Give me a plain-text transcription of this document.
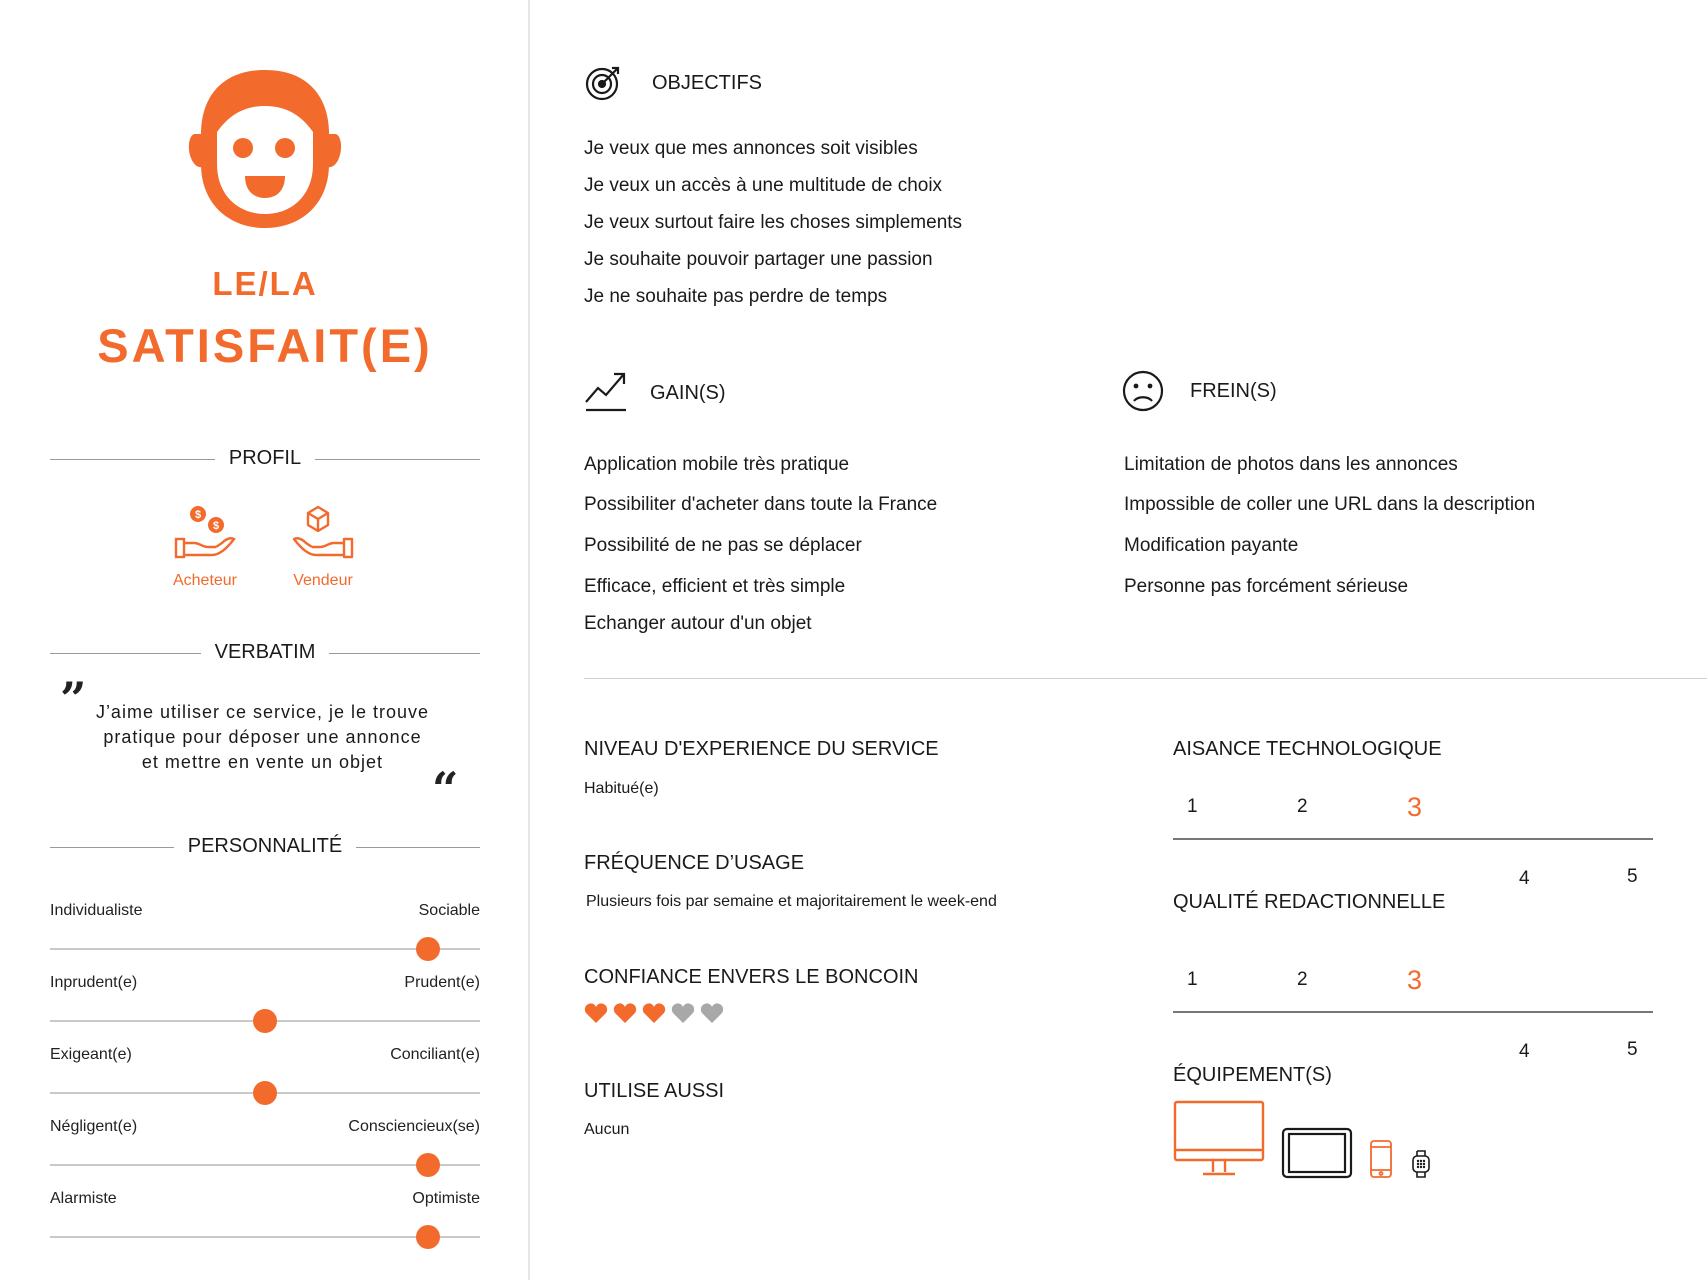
LE/LA
SATISFAIT(E)
PROFIL
$
$
Acheteur	Vendeur
VERBATIM
” J’aime utiliser ce service, je le trouve pratique pour déposer une annonce et mettre en vente un objet	“
PERSONNALITÉ
Individualiste	Sociable
Inprudent(e)	Prudent(e)
Exigeant(e)	Conciliant(e)
Négligent(e)	Consciencieux(se)
Alarmiste	Optimiste
OBJECTIFS
Je veux que mes annonces soit visibles
Je veux un accès à une multitude de choix
Je veux surtout faire les choses simplements
Je souhaite pouvoir partager une passion
Je ne souhaite pas perdre de temps
GAIN(S)
Application mobile très pratique
Possibiliter d'acheter dans toute la France
Possibilité de ne pas se déplacer
Efficace, efficient et très simple
Echanger autour d'un objet
FREIN(S)
Limitation de photos dans les annonces
Impossible de coller une URL dans la description
Modification payante
Personne pas forcément sérieuse
NIVEAU D'EXPERIENCE DU SERVICE
Habitué(e)
FRÉQUENCE D’USAGE
Plusieurs fois par semaine et majoritairement le week-end
CONFIANCE ENVERS LE BONCOIN
UTILISE AUSSI
Aucun
AISANCE TECHNOLOGIQUE
1	2	3
4	5
QUALITÉ REDACTIONNELLE
1	2	3
4	5
ÉQUIPEMENT(S)
